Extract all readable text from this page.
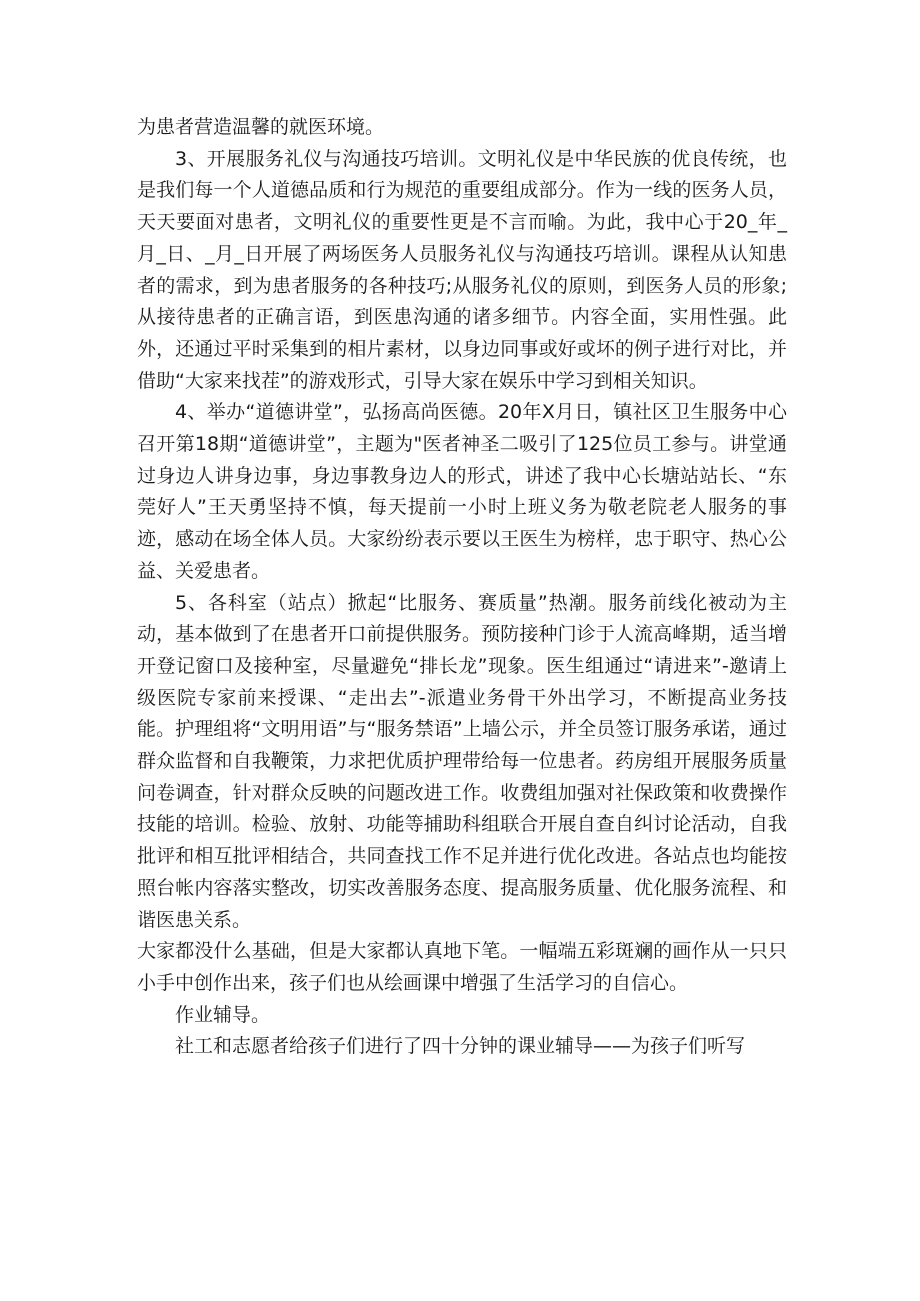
为患者营造温馨的就医环境。

3、开展服务礼仪与沟通技巧培训。文明礼仪是中华民族的优良传统，也是我们每一个人道德品质和行为规范的重要组成部分。作为一线的医务人员，天天要面对患者，文明礼仪的重要性更是不言而喻。为此，我中心于20_年_月_日、_月_日开展了两场医务人员服务礼仪与沟通技巧培训。课程从认知患者的需求，到为患者服务的各种技巧;从服务礼仪的原则，到医务人员的形象;从接待患者的正确言语，到医患沟通的诸多细节。内容全面，实用性强。此外，还通过平时采集到的相片素材，以身边同事或好或坏的例子进行对比，并借助“大家来找茬”的游戏形式，引导大家在娱乐中学习到相关知识。

4、举办“道德讲堂”，弘扬高尚医德。20年X月日，镇社区卫生服务中心召开第18期“道德讲堂”，主题为"医者神圣二吸引了125位员工参与。讲堂通过身边人讲身边事，身边事教身边人的形式，讲述了我中心长塘站站长、“东莞好人”王天勇坚持不慎，每天提前一小时上班义务为敬老院老人服务的事迹，感动在场全体人员。大家纷纷表示要以王医生为榜样，忠于职守、热心公益、关爱患者。

5、各科室（站点）掀起“比服务、赛质量”热潮。服务前线化被动为主动，基本做到了在患者开口前提供服务。预防接种门诊于人流高峰期，适当增开登记窗口及接种室，尽量避免“排长龙”现象。医生组通过“请进来”-邀请上级医院专家前来授课、“走出去”-派遣业务骨干外出学习，不断提高业务技能。护理组将“文明用语”与“服务禁语”上墙公示，并全员签订服务承诺，通过群众监督和自我鞭策，力求把优质护理带给每一位患者。药房组开展服务质量问卷调查，针对群众反映的问题改进工作。收费组加强对社保政策和收费操作技能的培训。检验、放射、功能等捕助科组联合开展自查自纠讨论活动，自我批评和相互批评相结合，共同查找工作不足并进行优化改进。各站点也均能按照台帐内容落实整改，切实改善服务态度、提高服务质量、优化服务流程、和谐医患关系。

大家都没什么基础，但是大家都认真地下笔。一幅端五彩斑斓的画作从一只只小手中创作出来，孩子们也从绘画课中增强了生活学习的自信心。

作业辅导。

社工和志愿者给孩子们进行了四十分钟的课业辅导——为孩子们听写
